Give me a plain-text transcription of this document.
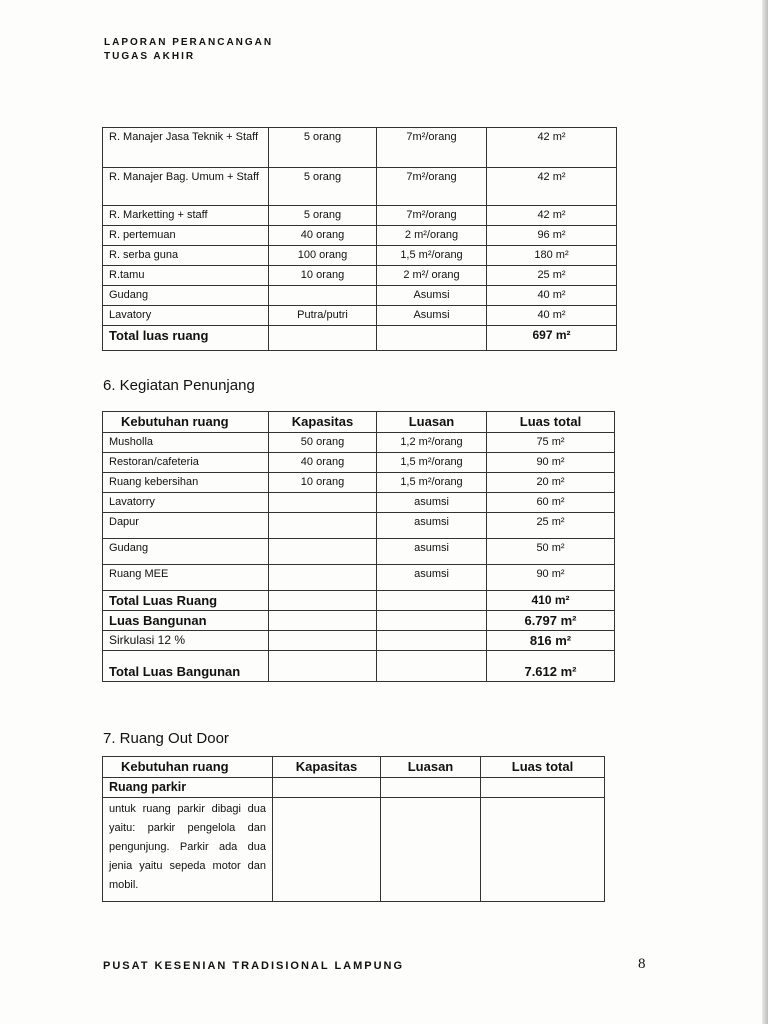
LAPORAN PERANCANGAN
TUGAS AKHIR
R. Manajer Jasa Teknik + Staff	5 orang	7m²/orang	42 m²
R. Manajer Bag. Umum + Staff	5 orang	7m²/orang	42 m²
R. Marketting + staff	5 orang	7m²/orang	42 m²
R. pertemuan	40 orang	2 m²/orang	96 m²
R. serba guna	100 orang	1,5 m²/orang	180 m²
R.tamu	10 orang	2 m²/ orang	25 m²
Gudang		Asumsi	40 m²
Lavatory	Putra/putri	Asumsi	40 m²
Total luas ruang			697 m²
6. Kegiatan Penunjang
Kebutuhan ruang	Kapasitas	Luasan	Luas total
Musholla	50 orang	1,2 m²/orang	75 m²
Restoran/cafeteria	40 orang	1,5 m²/orang	90 m²
Ruang kebersihan	10 orang	1,5 m²/orang	20 m²
Lavatorry		asumsi	60 m²
Dapur		asumsi	25 m²
Gudang		asumsi	50 m²
Ruang MEE		asumsi	90 m²
Total Luas Ruang			410 m²
Luas Bangunan			6.797 m²
Sirkulasi 12 %			816 m²
Total Luas Bangunan			7.612 m²
7. Ruang Out Door
Kebutuhan ruang	Kapasitas	Luasan	Luas total
Ruang parkir			
untuk ruang parkir dibagi dua yaitu: parkir pengelola dan pengunjung. Parkir ada dua jenia yaitu sepeda motor dan mobil.			
PUSAT KESENIAN TRADISIONAL LAMPUNG	8
